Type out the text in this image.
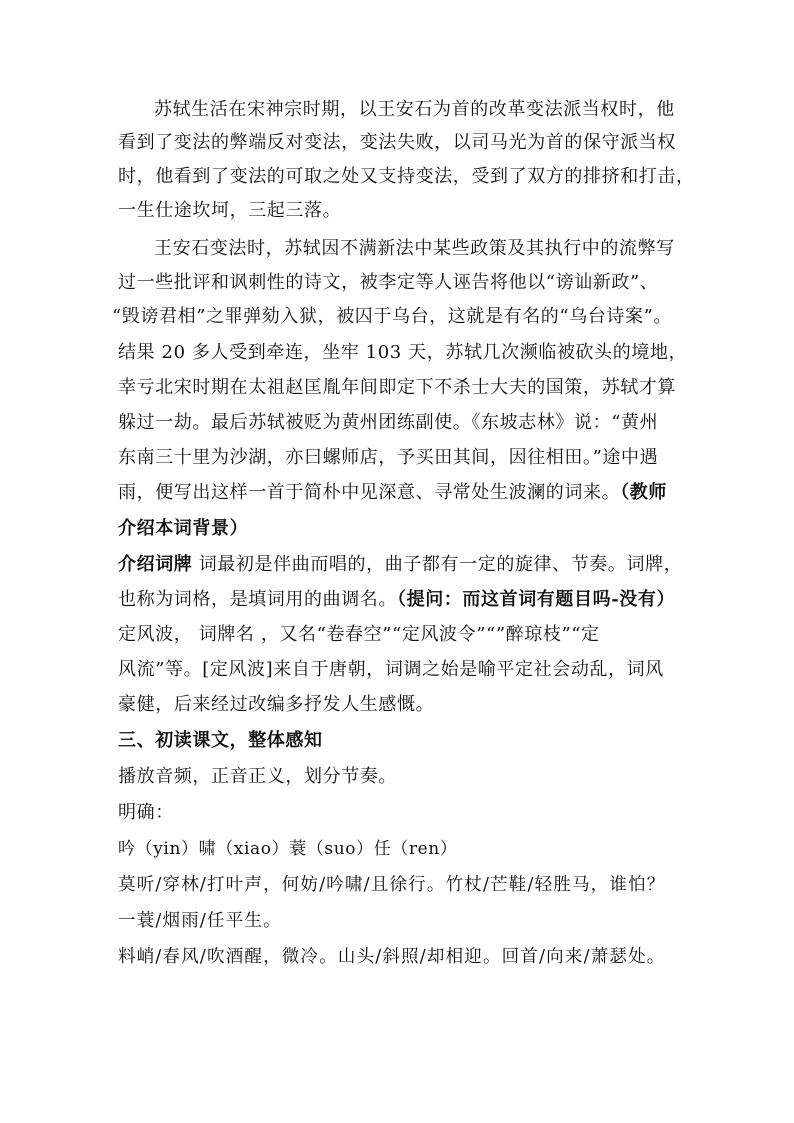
苏轼生活在宋神宗时期，以王安石为首的改革变法派当权时，他
看到了变法的弊端反对变法，变法失败，以司马光为首的保守派当权
时，他看到了变法的可取之处又支持变法，受到了双方的排挤和打击，
一生仕途坎坷，三起三落。
王安石变法时，苏轼因不满新法中某些政策及其执行中的流弊写
过一些批评和讽刺性的诗文，被李定等人诬告将他以“谤讪新政”、
“毁谤君相”之罪弹劾入狱，被囚于乌台，这就是有名的“乌台诗案”。
结果 20 多人受到牵连，坐牢 103 天，苏轼几次濒临被砍头的境地，
幸亏北宋时期在太祖赵匡胤年间即定下不杀士大夫的国策，苏轼才算
躲过一劫。最后苏轼被贬为黄州团练副使。《东坡志林》说：“黄州
东南三十里为沙湖，亦曰螺师店，予买田其间，因往相田。”途中遇
雨，便写出这样一首于简朴中见深意、寻常处生波澜的词来。（教师
介绍本词背景）
介绍词牌 词最初是伴曲而唱的，曲子都有一定的旋律、节奏。词牌，
也称为词格，是填词用的曲调名。（提问：而这首词有题目吗-没有）
定风波， 词牌名 ，又名“卷春空”“定风波令”“”醉琼枝”“定
风流”等。[定风波]来自于唐朝，词调之始是喻平定社会动乱，词风
豪健，后来经过改编多抒发人生感慨。
三、初读课文，整体感知
播放音频，正音正义，划分节奏。
明确：
吟（yin）啸（xiao）蓑（suo）任（ren）
莫听/穿林/打叶声，何妨/吟啸/且徐行。竹杖/芒鞋/轻胜马，谁怕？
一蓑/烟雨/任平生。
料峭/春风/吹酒醒，微冷。山头/斜照/却相迎。回首/向来/萧瑟处。
